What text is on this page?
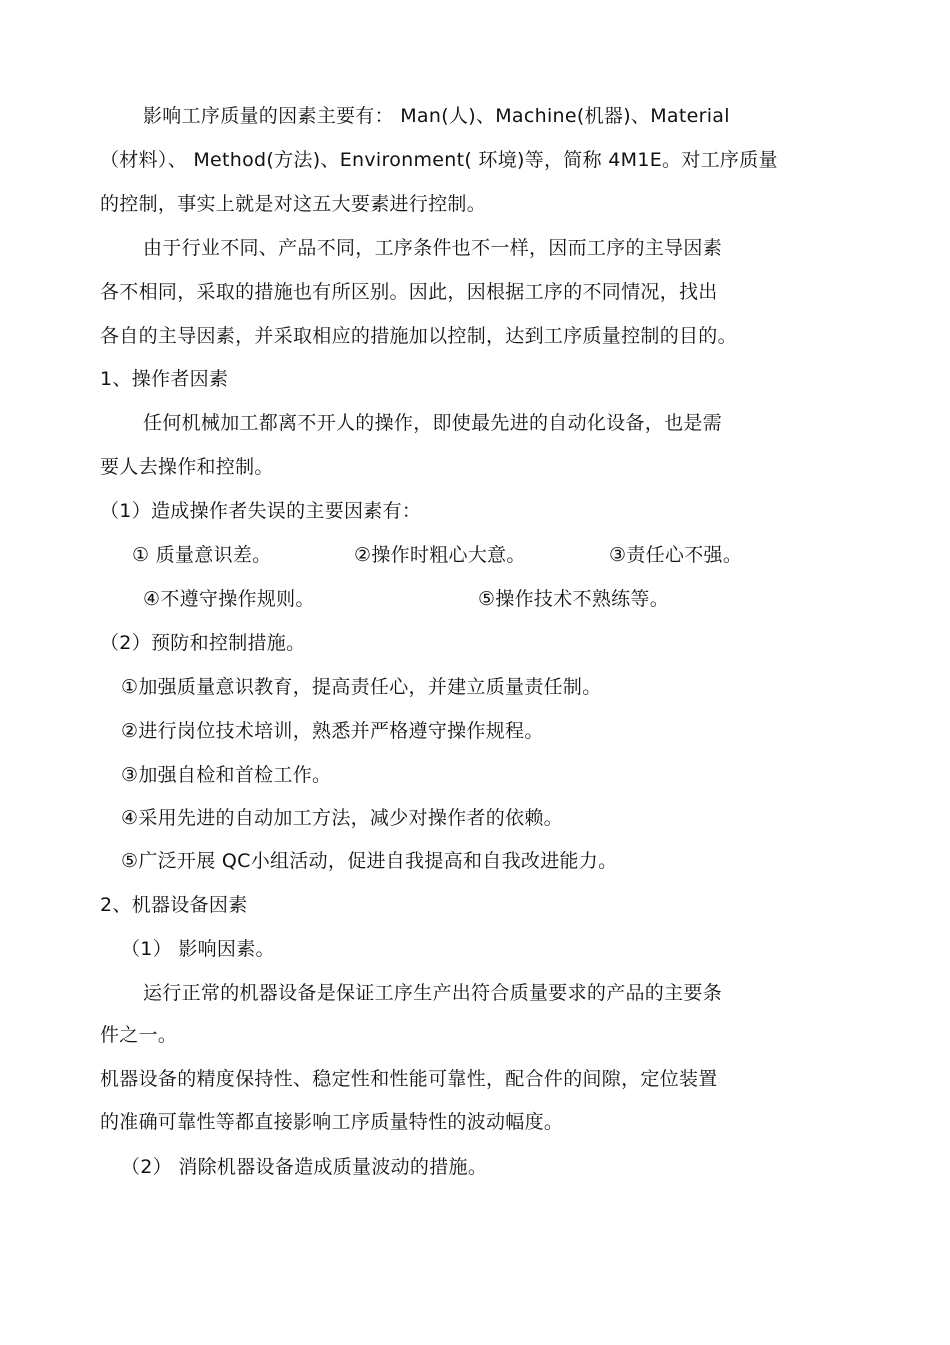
影响工序质量的因素主要有： Man(人)、Machine(机器)、Material
（材料）、 Method(方法)、Environment( 环境)等，简称 4M1E。对工序质量
的控制，事实上就是对这五大要素进行控制。
由于行业不同、产品不同，工序条件也不一样，因而工序的主导因素
各不相同，采取的措施也有所区别。因此，因根据工序的不同情况，找出
各自的主导因素，并采取相应的措施加以控制，达到工序质量控制的目的。
1、操作者因素
任何机械加工都离不开人的操作，即使最先进的自动化设备，也是需
要人去操作和控制。
（1）造成操作者失误的主要因素有：
① 质量意识差。	②操作时粗心大意。	③责任心不强。
④不遵守操作规则。	⑤操作技术不熟练等。
（2）预防和控制措施。
①加强质量意识教育，提高责任心，并建立质量责任制。
②进行岗位技术培训，熟悉并严格遵守操作规程。
③加强自检和首检工作。
④采用先进的自动加工方法，减少对操作者的依赖。
⑤广泛开展 QC小组活动，促进自我提高和自我改进能力。
2、机器设备因素
（1） 影响因素。
运行正常的机器设备是保证工序生产出符合质量要求的产品的主要条
件之一。
机器设备的精度保持性、稳定性和性能可靠性，配合件的间隙，定位装置
的准确可靠性等都直接影响工序质量特性的波动幅度。
（2） 消除机器设备造成质量波动的措施。
